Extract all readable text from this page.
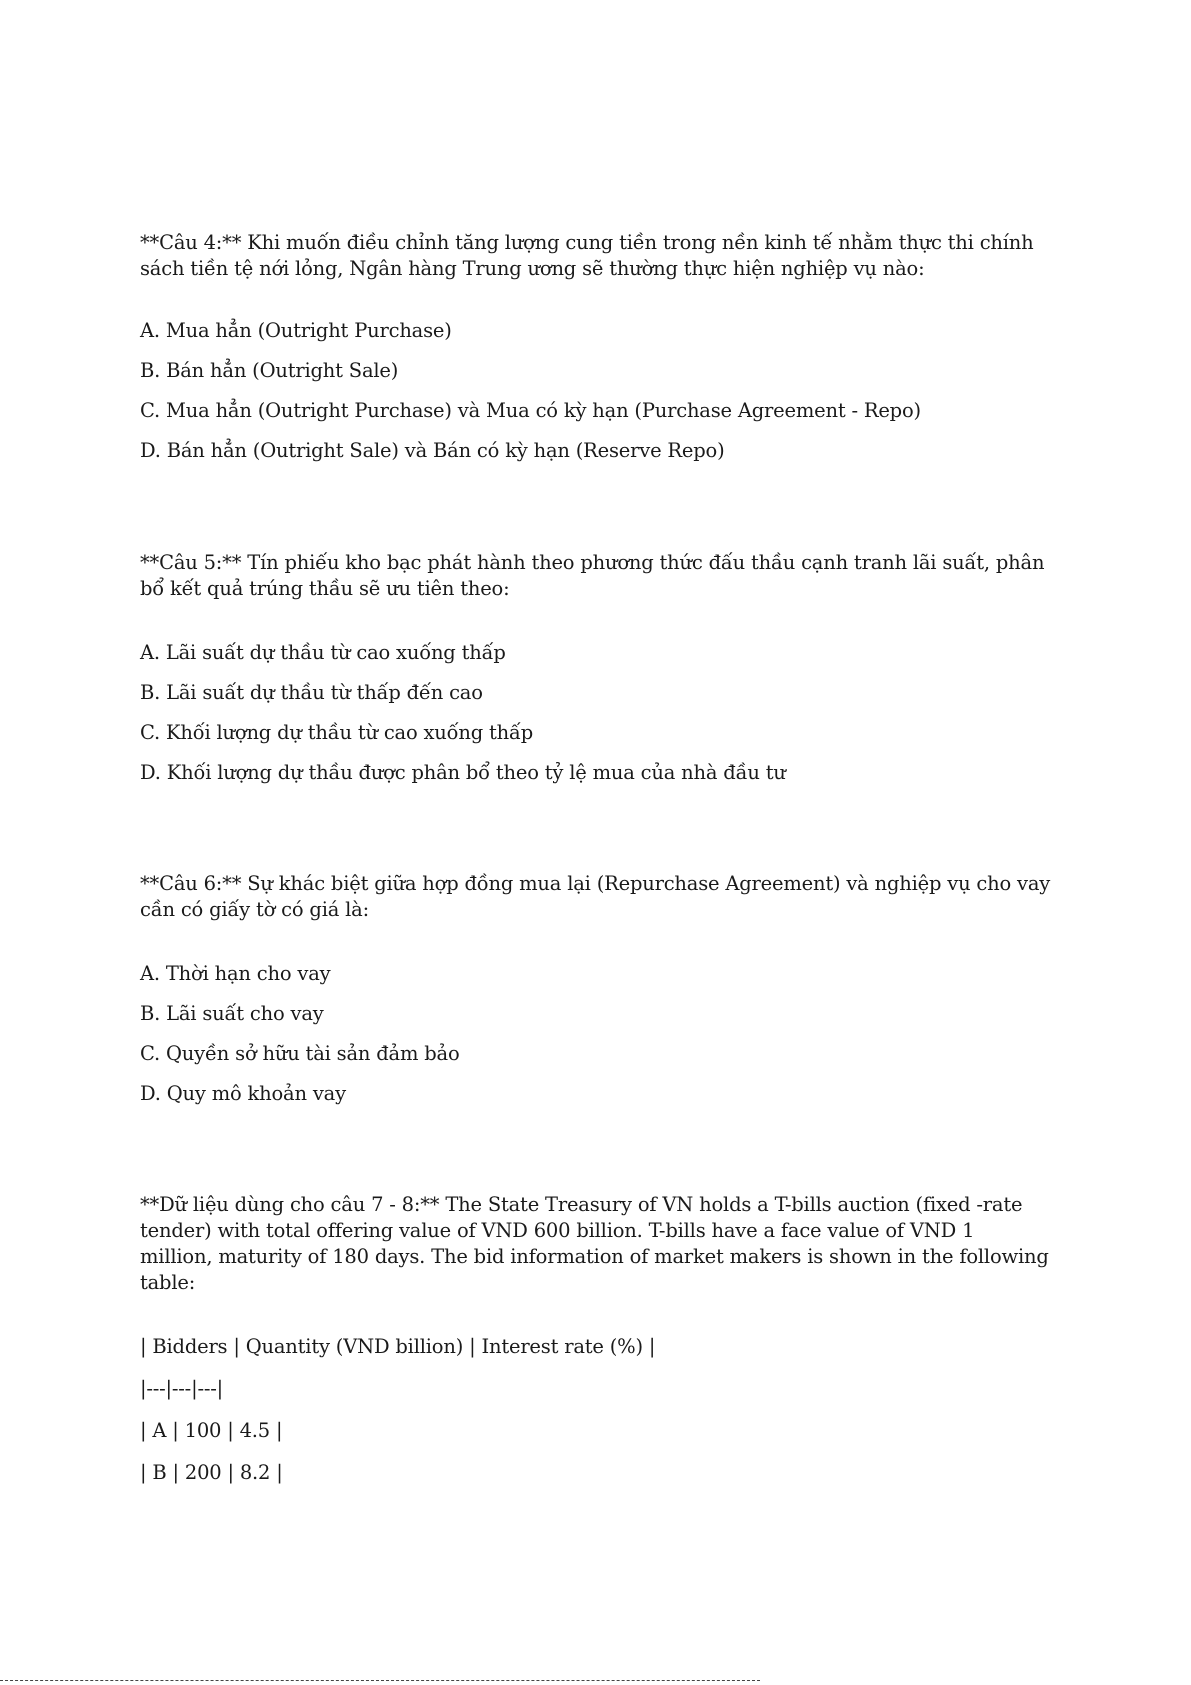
**Câu 4:** Khi muốn điều chỉnh tăng lượng cung tiền trong nền kinh tế nhằm thực thi chính sách tiền tệ nới lỏng, Ngân hàng Trung ương sẽ thường thực hiện nghiệp vụ nào:

A. Mua hẳn (Outright Purchase)

B. Bán hẳn (Outright Sale)

C. Mua hẳn (Outright Purchase) và Mua có kỳ hạn (Purchase Agreement - Repo)

D. Bán hẳn (Outright Sale) và Bán có kỳ hạn (Reserve Repo)

**Câu 5:** Tín phiếu kho bạc phát hành theo phương thức đấu thầu cạnh tranh lãi suất, phân bổ kết quả trúng thầu sẽ ưu tiên theo:

A. Lãi suất dự thầu từ cao xuống thấp

B. Lãi suất dự thầu từ thấp đến cao

C. Khối lượng dự thầu từ cao xuống thấp

D. Khối lượng dự thầu được phân bổ theo tỷ lệ mua của nhà đầu tư

**Câu 6:** Sự khác biệt giữa hợp đồng mua lại (Repurchase Agreement) và nghiệp vụ cho vay cần có giấy tờ có giá là:

A. Thời hạn cho vay

B. Lãi suất cho vay

C. Quyền sở hữu tài sản đảm bảo

D. Quy mô khoản vay

**Dữ liệu dùng cho câu 7 - 8:** The State Treasury of VN holds a T-bills auction (fixed -rate tender) with total offering value of VND 600 billion. T-bills have a face value of VND 1 million, maturity of 180 days. The bid information of market makers is shown in the following table:

| Bidders | Quantity (VND billion) | Interest rate (%) |

|---|---|---|

| A | 100 | 4.5 |

| B | 200 | 8.2 |
